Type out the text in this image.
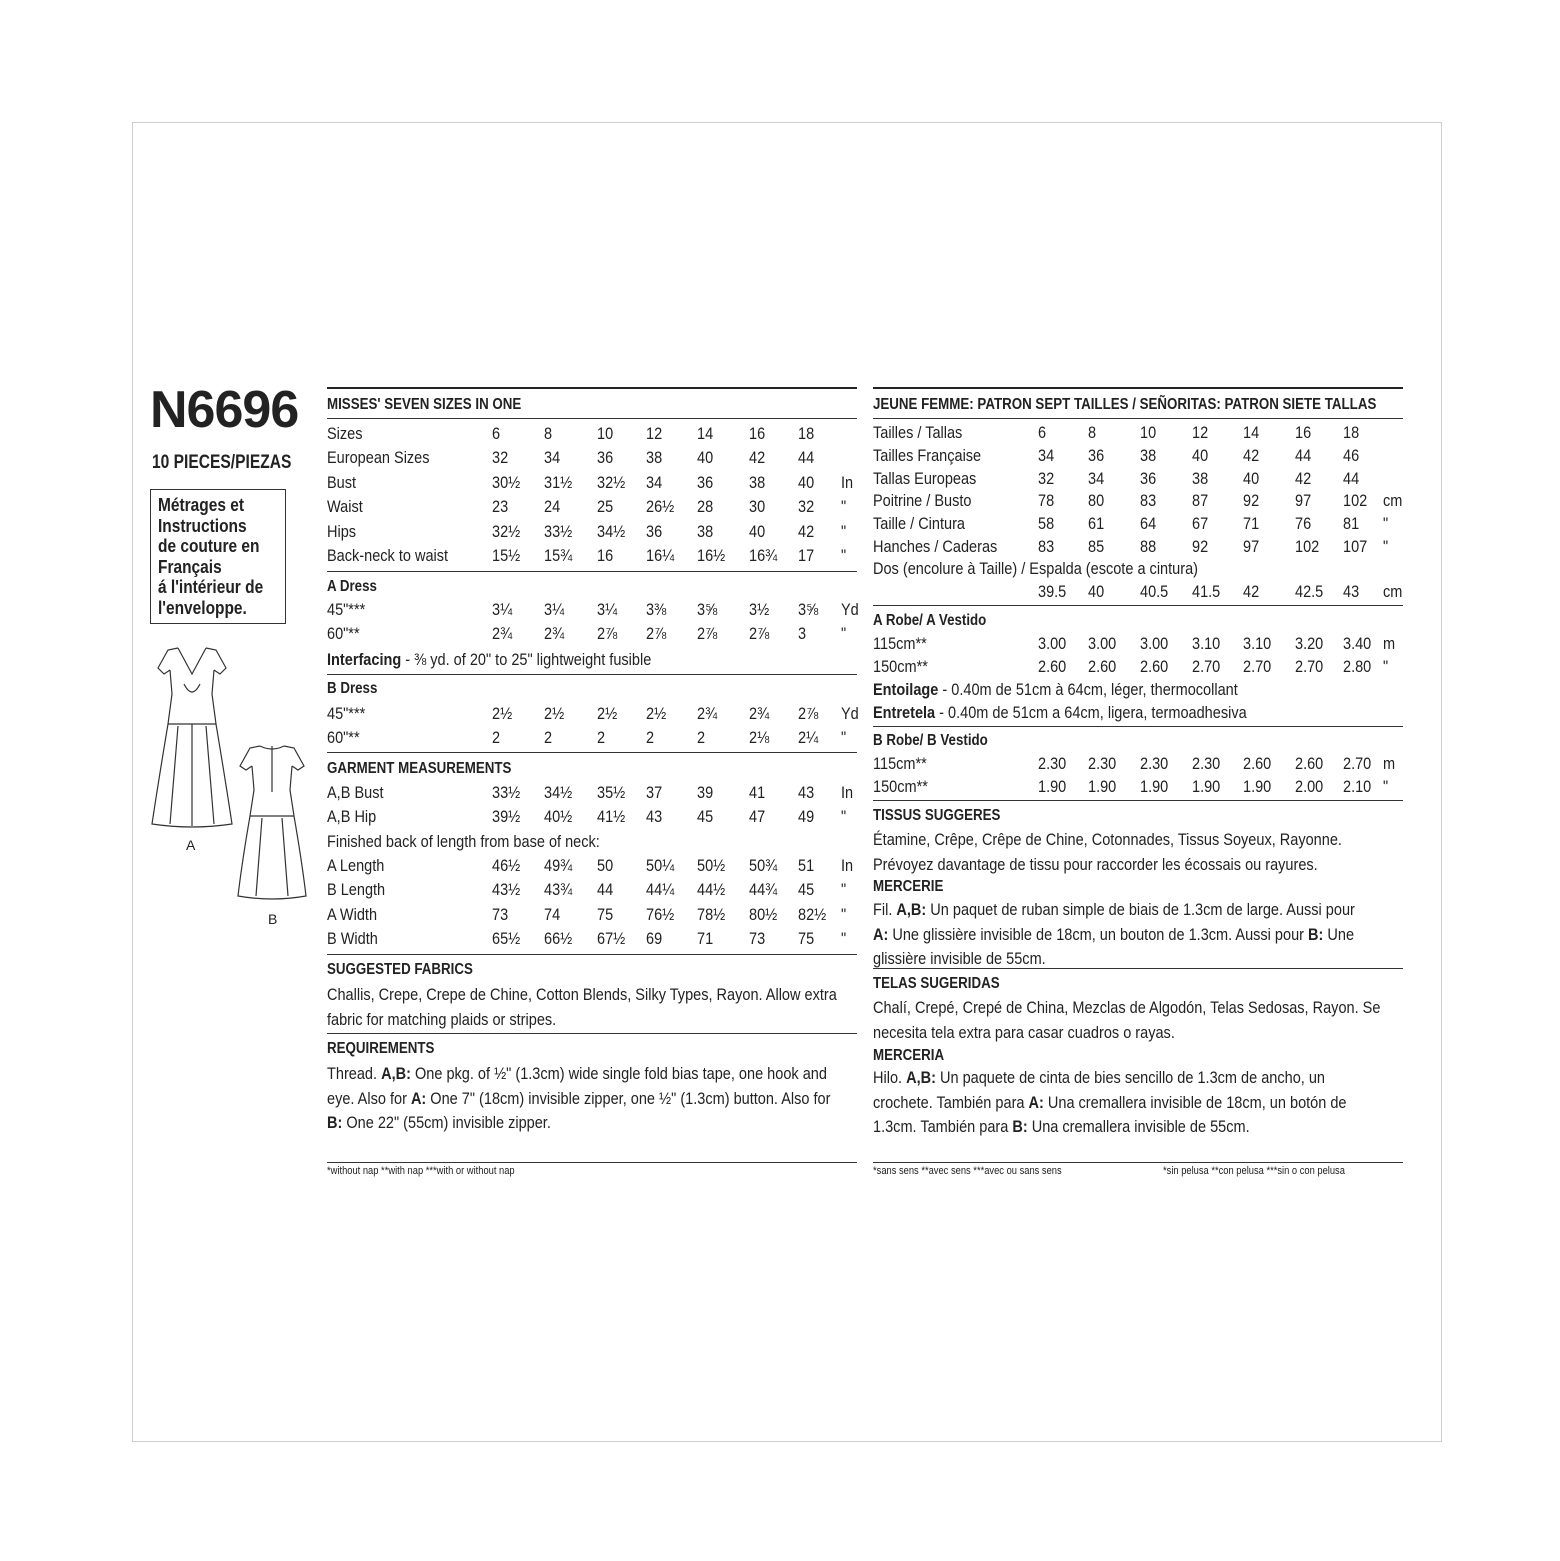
N6696
10 PIECES/PIEZAS
Métrages et
Instructions
de couture en
Français
á l'intérieur de
l'enveloppe.
A
B
MISSES' SEVEN SIZES IN ONE
Sizes	6	8	10 12 14 16 18
European Sizes	32 34 36 38 40 42 44
Bust	30½ 31½ 32½ 34 36 38 40 In
Waist	23 24 25 26½ 28 30 32 "
Hips	32½ 33½ 34½ 36 38 40 42 "
Back-neck to waist	15½ 15¾ 16 16¼ 16½ 16¾ 17 "
A Dress
45"***	3¼ 3¼ 3¼ 3⅜ 3⅝ 3½ 3⅝ Yd
60"**	2¾ 2¾ 2⅞ 2⅞ 2⅞ 2⅞ 3 "
Interfacing - ⅜ yd. of 20" to 25" lightweight fusible
B Dress
45"***	2½ 2½ 2½ 2½ 2¾ 2¾ 2⅞ Yd
60"**	2	2	2 2	2	2⅛ 2¼ "
GARMENT MEASUREMENTS
A,B Bust	33½ 34½ 35½ 37 39 41 43 In
A,B Hip	39½ 40½ 41½ 43 45 47 49 "
Finished back of length from base of neck:
A Length	46½ 49¾ 50 50¼ 50½ 50¾ 51 In
B Length	43½ 43¾ 44 44¼ 44½ 44¾ 45 "
A Width	73 74 75 76½ 78½ 80½ 82½ "
B Width	65½ 66½ 67½ 69 71 73 75 "
SUGGESTED FABRICS
Challis, Crepe, Crepe de Chine, Cotton Blends, Silky Types, Rayon. Allow extra
fabric for matching plaids or stripes.
REQUIREMENTS
Thread. A,B: One pkg. of ½" (1.3cm) wide single fold bias tape, one hook and
eye. Also for A: One 7" (18cm) invisible zipper, one ½" (1.3cm) button. Also for
B: One 22" (55cm) invisible zipper.
*without nap **with nap ***with or without nap
JEUNE FEMME: PATRON SEPT TAILLES / SEÑORITAS: PATRON SIETE TALLAS
Tailles / Tallas	6	8	10 12 14 16 18
Tailles Française	34 36 38 40 42 44 46
Tallas Europeas	32 34 36 38 40 42 44
Poitrine / Busto	78 80 83 87 92 97 102 cm
Taille / Cintura	58 61 64 67 71 76 81 "
Hanches / Caderas 83 85 88 92 97 102 107 "
Dos (encolure à Taille) / Espalda (escote a cintura)
39.5 40 40.5 41.5 42 42.5 43 cm
A Robe/ A Vestido
115cm**	3.00 3.00 3.00 3.10 3.10 3.20 3.40 m
150cm**	2.60 2.60 2.60 2.70 2.70 2.70 2.80 "
Entoilage - 0.40m de 51cm à 64cm, léger, thermocollant
Entretela - 0.40m de 51cm a 64cm, ligera, termoadhesiva
B Robe/ B Vestido
115cm**	2.30 2.30 2.30 2.30 2.60 2.60 2.70 m
150cm**	1.90 1.90 1.90 1.90 1.90 2.00 2.10 "
TISSUS SUGGERES
Étamine, Crêpe, Crêpe de Chine, Cotonnades, Tissus Soyeux, Rayonne.
Prévoyez davantage de tissu pour raccorder les écossais ou rayures.
MERCERIE
Fil. A,B: Un paquet de ruban simple de biais de 1.3cm de large. Aussi pour
A: Une glissière invisible de 18cm, un bouton de 1.3cm. Aussi pour B: Une
glissière invisible de 55cm.
TELAS SUGERIDAS
Chalí, Crepé, Crepé de China, Mezclas de Algodón, Telas Sedosas, Rayon. Se
necesita tela extra para casar cuadros o rayas.
MERCERIA
Hilo. A,B: Un paquete de cinta de bies sencillo de 1.3cm de ancho, un
crochete. También para A: Una cremallera invisible de 18cm, un botón de
1.3cm. También para B: Una cremallera invisible de 55cm.
*sans sens **avec sens ***avec ou sans sens	*sin pelusa **con pelusa ***sin o con pelusa
